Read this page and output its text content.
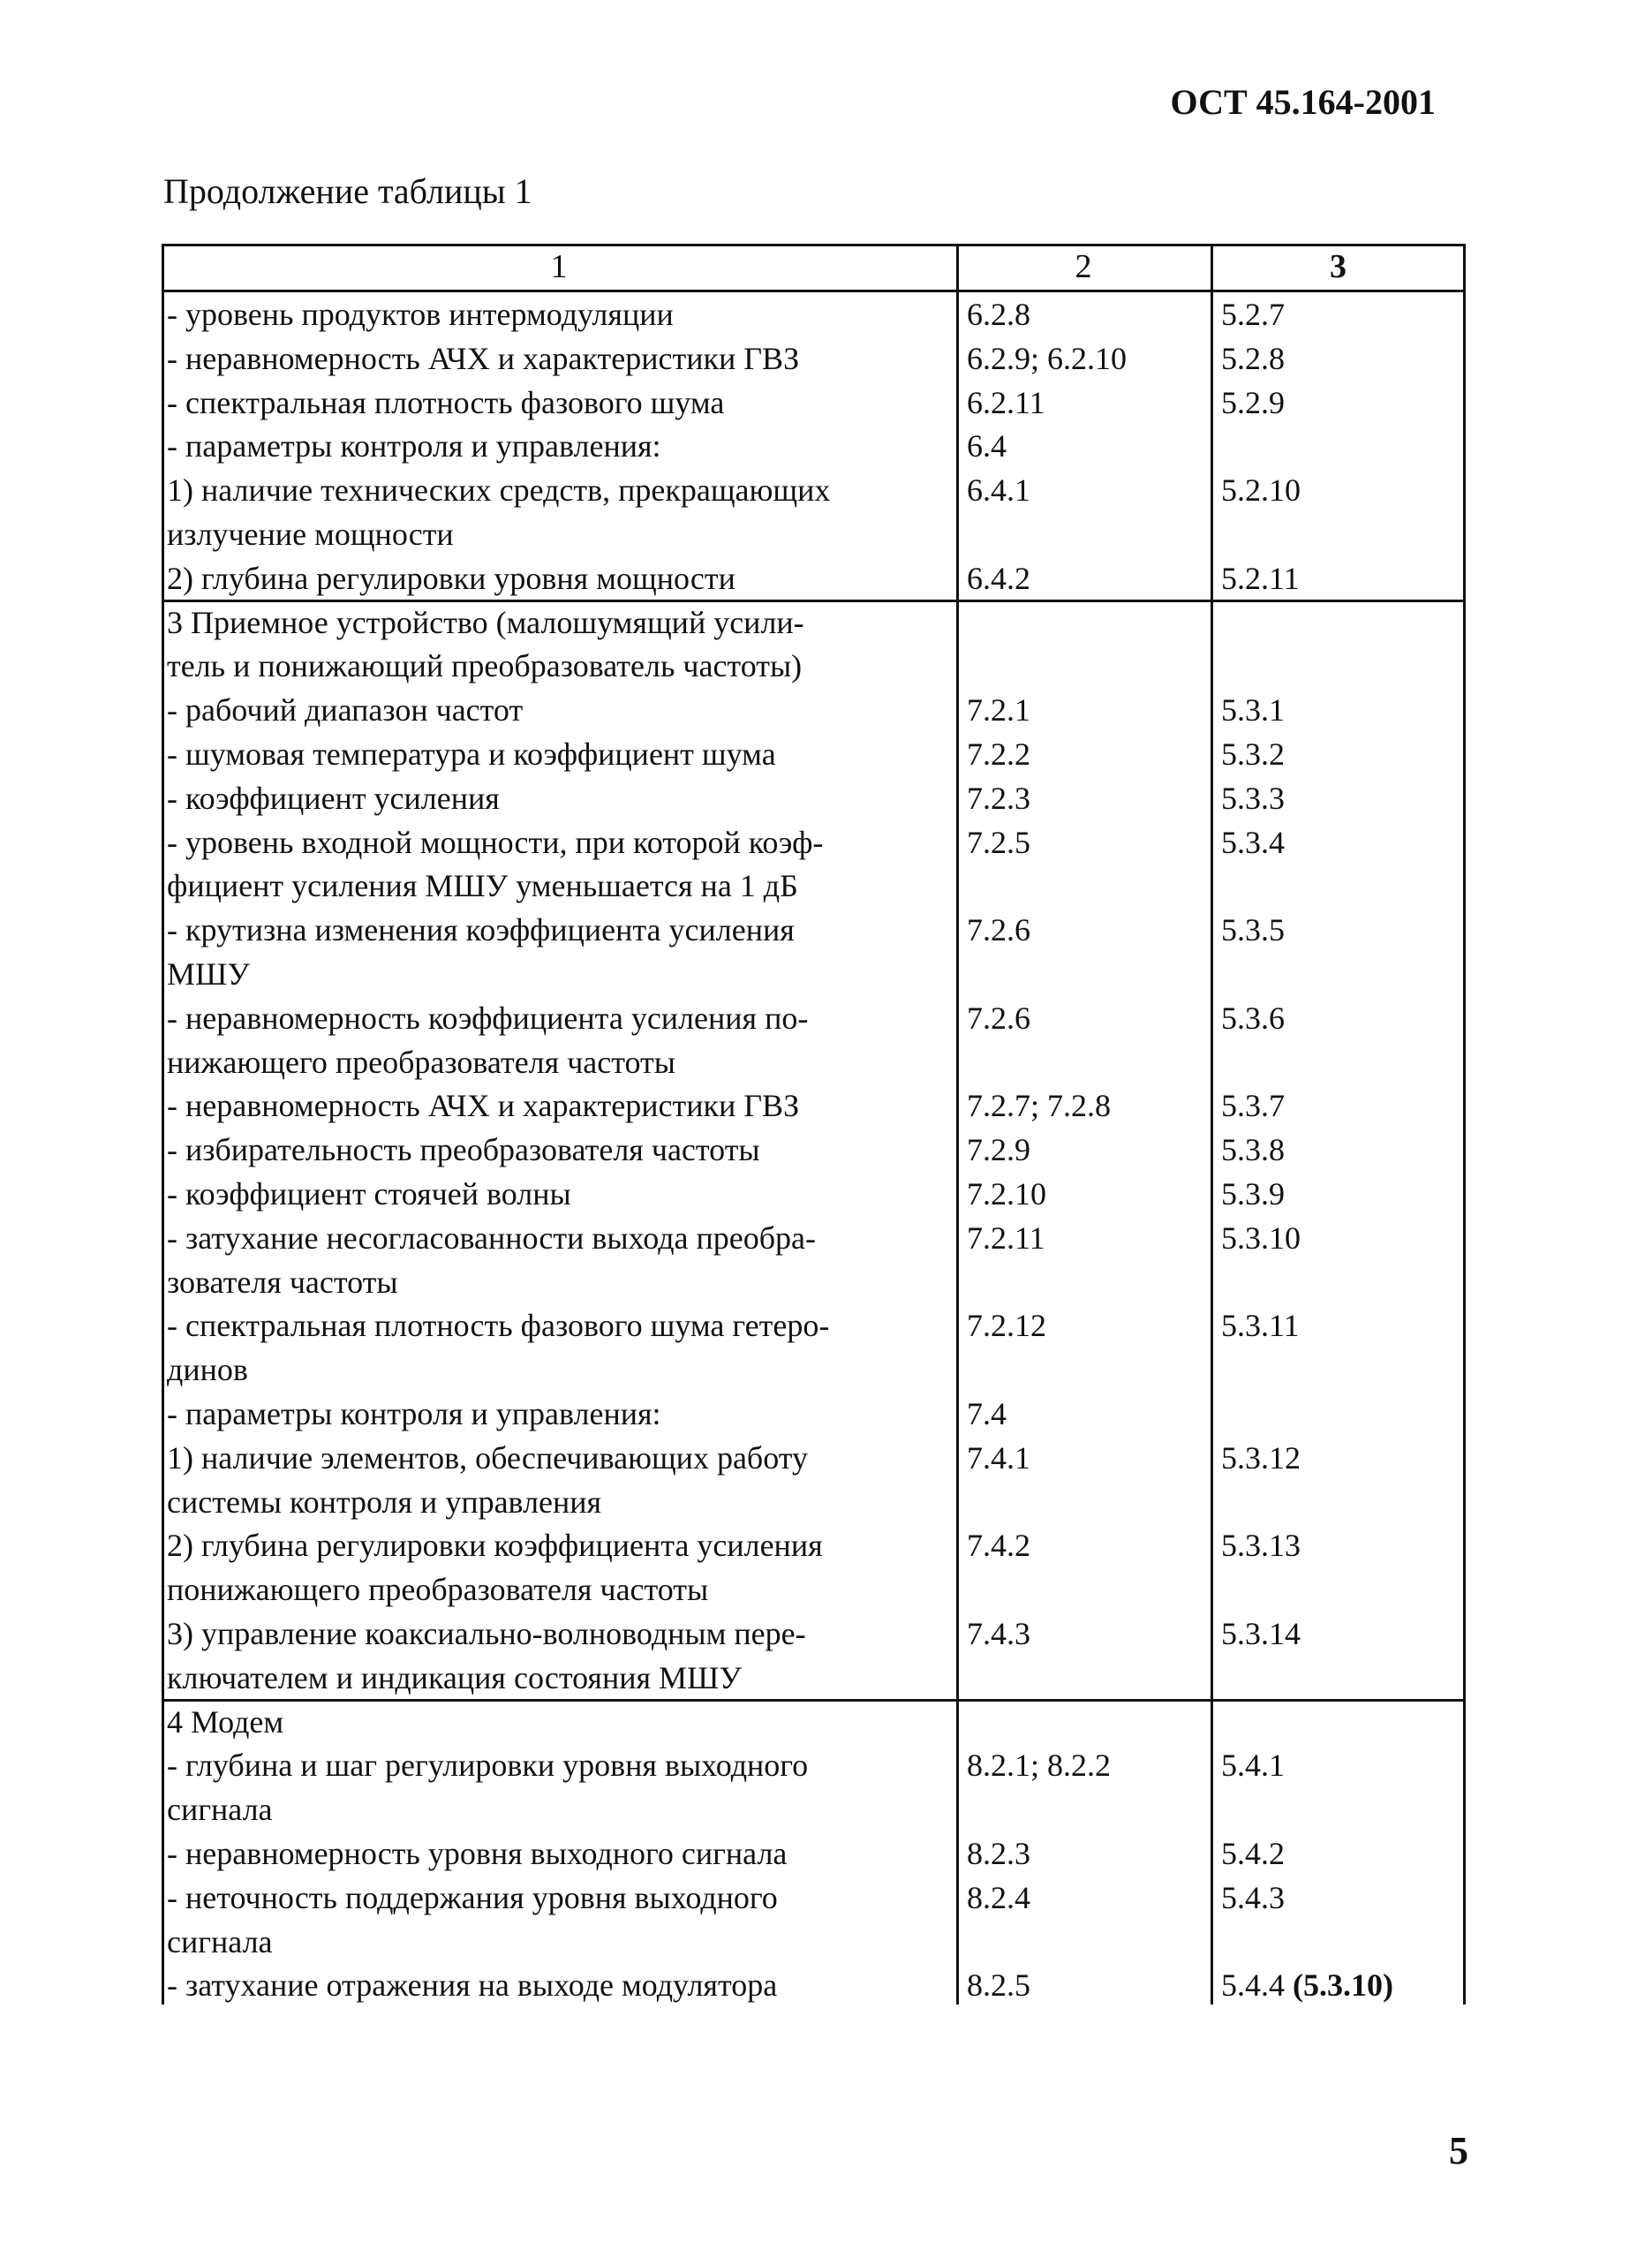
ОСТ 45.164-2001
Продолжение таблицы 1
1	2	3
- уровень продуктов интермодуляции	6.2.8	5.2.7
- неравномерность АЧХ и характеристики ГВЗ	6.2.9; 6.2.10	5.2.8
- спектральная плотность фазового шума	6.2.11	5.2.9
- параметры контроля и управления:	6.4
1) наличие технических средств, прекращающих	6.4.1	5.2.10
излучение мощности
2) глубина регулировки уровня мощности	6.4.2	5.2.11
3 Приемное устройство (малошумящий усили-
тель и понижающий преобразователь частоты)
- рабочий диапазон частот	7.2.1	5.3.1
- шумовая температура и коэффициент шума	7.2.2	5.3.2
- коэффициент усиления	7.2.3	5.3.3
- уровень входной мощности, при которой коэф-	7.2.5	5.3.4
фициент усиления МШУ уменьшается на 1 дБ
- крутизна изменения коэффициента усиления	7.2.6	5.3.5
МШУ
- неравномерность коэффициента усиления по-	7.2.6	5.3.6
нижающего преобразователя частоты
- неравномерность АЧХ и характеристики ГВЗ	7.2.7; 7.2.8	5.3.7
- избирательность преобразователя частоты	7.2.9	5.3.8
- коэффициент стоячей волны	7.2.10	5.3.9
- затухание несогласованности выхода преобра-	7.2.11	5.3.10
зователя частоты
- спектральная плотность фазового шума гетеро-	7.2.12	5.3.11
динов
- параметры контроля и управления:	7.4
1) наличие элементов, обеспечивающих работу	7.4.1	5.3.12
системы контроля и управления
2) глубина регулировки коэффициента усиления	7.4.2	5.3.13
понижающего преобразователя частоты
3) управление коаксиально-волноводным пере-	7.4.3	5.3.14
ключателем и индикация состояния МШУ
4 Модем
- глубина и шаг регулировки уровня выходного	8.2.1; 8.2.2	5.4.1
сигнала
- неравномерность уровня выходного сигнала	8.2.3	5.4.2
- неточность поддержания уровня выходного	8.2.4	5.4.3
сигнала
- затухание отражения на выходе модулятора	8.2.5	5.4.4 (5.3.10)
5
